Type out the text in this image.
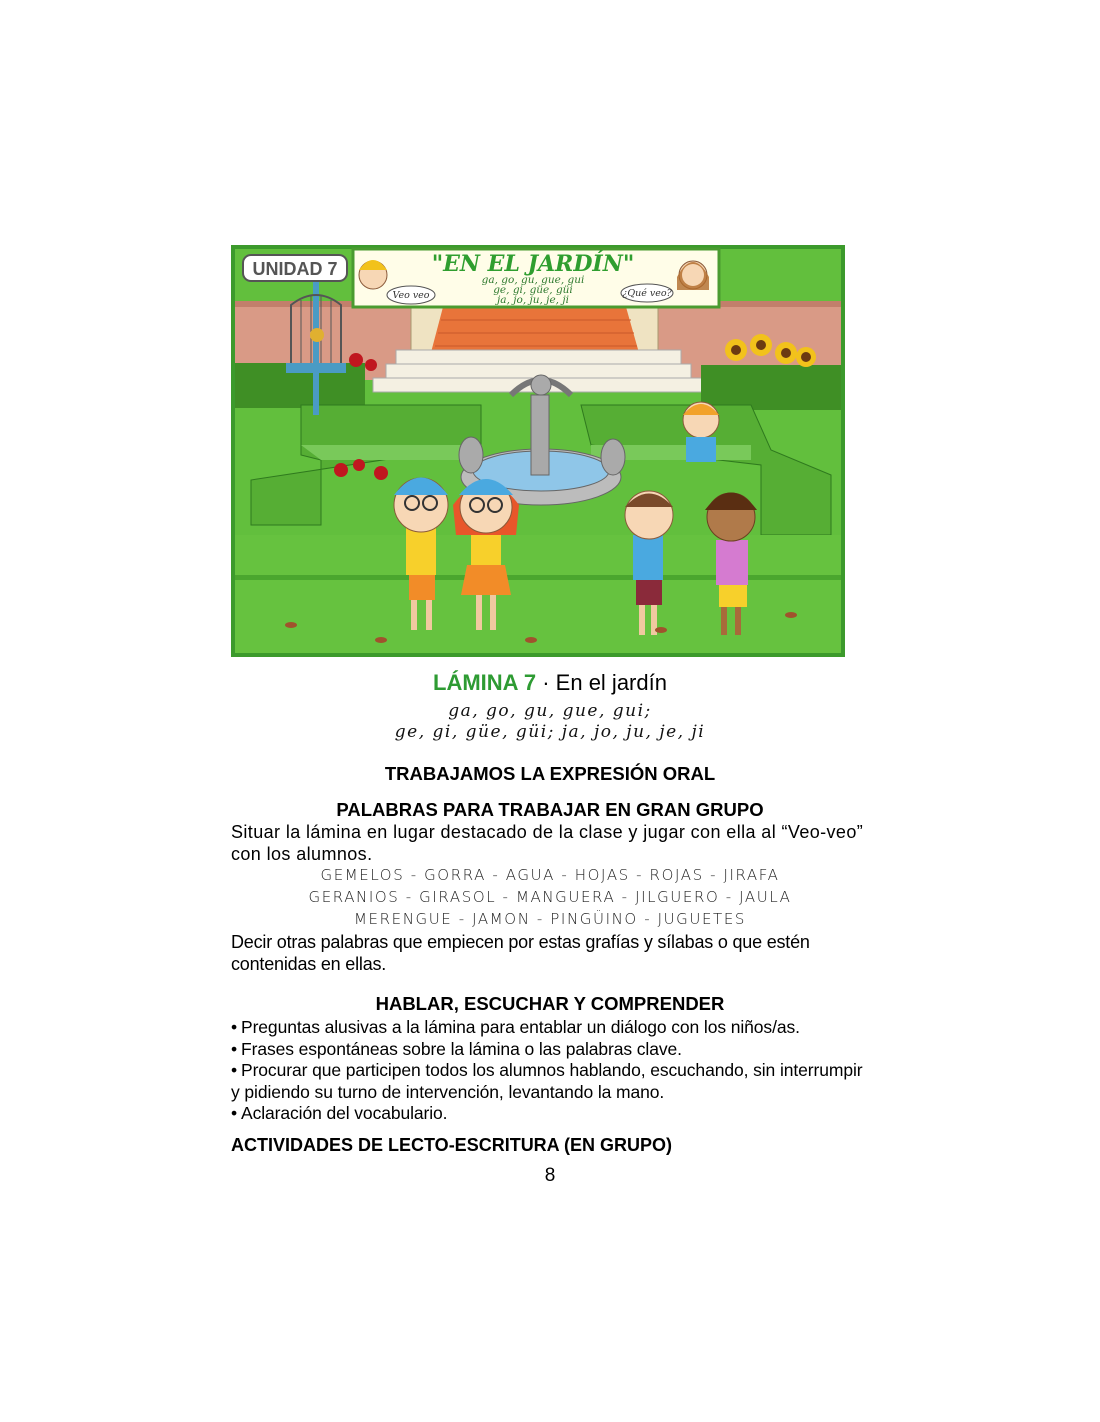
UNIDAD 7	"EN EL JARDÍN"
ga, go, gu, gue, gui
ge, gi, güe, güi
ja, jo, ju, je, ji
Veo veo	¿Qué veo?
LÁMINA 7 · En el jardín
ga, go, gu, gue, gui;
ge, gi, güe, güi; ja, jo, ju, je, ji
TRABAJAMOS LA EXPRESIÓN ORAL
PALABRAS PARA TRABAJAR EN GRAN GRUPO
Situar la lámina en lugar destacado de la clase y jugar con ella al “Veo-veo” con los alumnos.
GEMELOS - GORRA - AGUA - HOJAS - ROJAS - JIRAFA
GERANIOS - GIRASOL - MANGUERA - JILGUERO - JAULA
MERENGUE - JAMON - PINGÜINO - JUGUETES
Decir otras palabras que empiecen por estas grafías y sílabas o que estén contenidas en ellas.
HABLAR, ESCUCHAR Y COMPRENDER
• Preguntas alusivas a la lámina para entablar un diálogo con los niños/as.
• Frases espontáneas sobre la lámina o las palabras clave.
• Procurar que participen todos los alumnos hablando, escuchando, sin interrumpir y pidiendo su turno de intervención, levantando la mano.
• Aclaración del vocabulario.
ACTIVIDADES DE LECTO-ESCRITURA (EN GRUPO)
8
